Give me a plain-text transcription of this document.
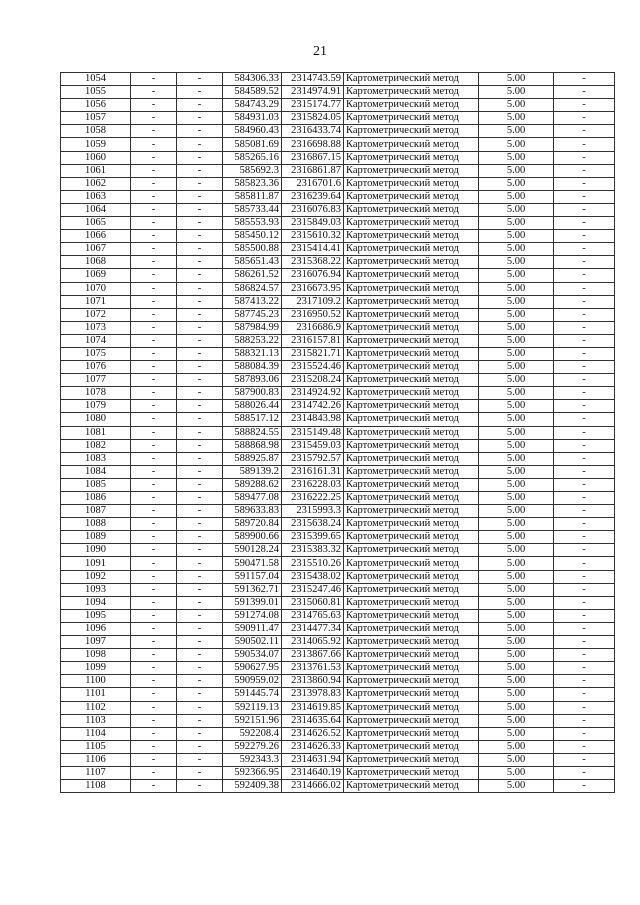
21
1054	-	-	584306.33	2314743.59	Картометрический метод	5.00	-
1055	-	-	584589.52	2314974.91	Картометрический метод	5.00	-
1056	-	-	584743.29	2315174.77	Картометрический метод	5.00	-
1057	-	-	584931.03	2315824.05	Картометрический метод	5.00	-
1058	-	-	584960.43	2316433.74	Картометрический метод	5.00	-
1059	-	-	585081.69	2316698.88	Картометрический метод	5.00	-
1060	-	-	585265.16	2316867.15	Картометрический метод	5.00	-
1061	-	-	585692.3	2316861.87	Картометрический метод	5.00	-
1062	-	-	585823.36	2316701.6	Картометрический метод	5.00	-
1063	-	-	585811.87	2316239.64	Картометрический метод	5.00	-
1064	-	-	585733.44	2316076.83	Картометрический метод	5.00	-
1065	-	-	585553.93	2315849.03	Картометрический метод	5.00	-
1066	-	-	585450.12	2315610.32	Картометрический метод	5.00	-
1067	-	-	585500.88	2315414.41	Картометрический метод	5.00	-
1068	-	-	585651.43	2315368.22	Картометрический метод	5.00	-
1069	-	-	586261.52	2316076.94	Картометрический метод	5.00	-
1070	-	-	586824.57	2316673.95	Картометрический метод	5.00	-
1071	-	-	587413.22	2317109.2	Картометрический метод	5.00	-
1072	-	-	587745.23	2316950.52	Картометрический метод	5.00	-
1073	-	-	587984.99	2316686.9	Картометрический метод	5.00	-
1074	-	-	588253.22	2316157.81	Картометрический метод	5.00	-
1075	-	-	588321.13	2315821.71	Картометрический метод	5.00	-
1076	-	-	588084.39	2315524.46	Картометрический метод	5.00	-
1077	-	-	587893.06	2315208.24	Картометрический метод	5.00	-
1078	-	-	587900.83	2314924.92	Картометрический метод	5.00	-
1079	-	-	588026.44	2314742.26	Картометрический метод	5.00	-
1080	-	-	588517.12	2314843.98	Картометрический метод	5.00	-
1081	-	-	588824.55	2315149.48	Картометрический метод	5.00	-
1082	-	-	588868.98	2315459.03	Картометрический метод	5.00	-
1083	-	-	588925.87	2315792.57	Картометрический метод	5.00	-
1084	-	-	589139.2	2316161.31	Картометрический метод	5.00	-
1085	-	-	589288.62	2316228.03	Картометрический метод	5.00	-
1086	-	-	589477.08	2316222.25	Картометрический метод	5.00	-
1087	-	-	589633.83	2315993.3	Картометрический метод	5.00	-
1088	-	-	589720.84	2315638.24	Картометрический метод	5.00	-
1089	-	-	589900.66	2315399.65	Картометрический метод	5.00	-
1090	-	-	590128.24	2315383.32	Картометрический метод	5.00	-
1091	-	-	590471.58	2315510.26	Картометрический метод	5.00	-
1092	-	-	591157.04	2315438.02	Картометрический метод	5.00	-
1093	-	-	591362.71	2315247.46	Картометрический метод	5.00	-
1094	-	-	591399.01	2315060.81	Картометрический метод	5.00	-
1095	-	-	591274.08	2314765.63	Картометрический метод	5.00	-
1096	-	-	590911.47	2314477.34	Картометрический метод	5.00	-
1097	-	-	590502.11	2314065.92	Картометрический метод	5.00	-
1098	-	-	590534.07	2313867.66	Картометрический метод	5.00	-
1099	-	-	590627.95	2313761.53	Картометрический метод	5.00	-
1100	-	-	590959.02	2313860.94	Картометрический метод	5.00	-
1101	-	-	591445.74	2313978.83	Картометрический метод	5.00	-
1102	-	-	592119.13	2314619.85	Картометрический метод	5.00	-
1103	-	-	592151.96	2314635.64	Картометрический метод	5.00	-
1104	-	-	592208.4	2314626.52	Картометрический метод	5.00	-
1105	-	-	592279.26	2314626.33	Картометрический метод	5.00	-
1106	-	-	592343.3	2314631.94	Картометрический метод	5.00	-
1107	-	-	592366.95	2314640.19	Картометрический метод	5.00	-
1108	-	-	592409.38	2314666.02	Картометрический метод	5.00	-
